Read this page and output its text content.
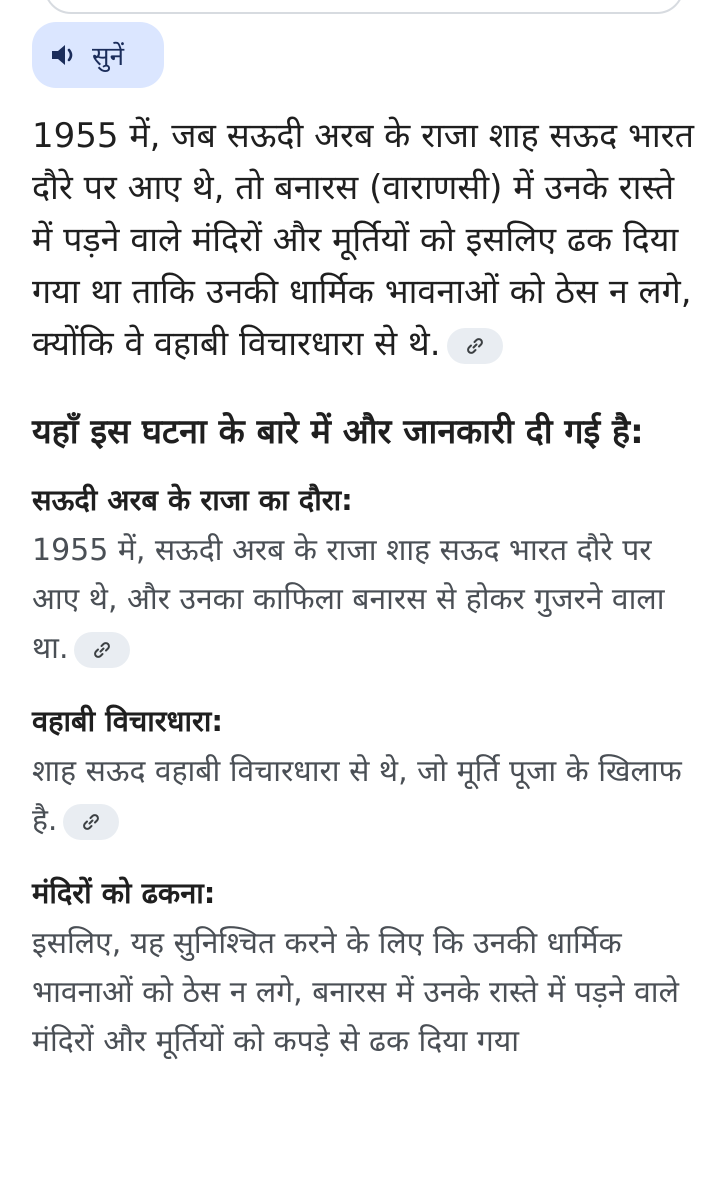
सुनें

1955 में, जब सऊदी अरब के राजा शाह सऊद भारत दौरे पर आए थे, तो बनारस (वाराणसी) में उनके रास्ते में पड़ने वाले मंदिरों और मूर्तियों को इसलिए ढक दिया गया था ताकि उनकी धार्मिक भावनाओं को ठेस न लगे, क्योंकि वे वहाबी विचारधारा से थे.

यहाँ इस घटना के बारे में और जानकारी दी गई है:
सऊदी अरब के राजा का दौरा:

1955 में, सऊदी अरब के राजा शाह सऊद भारत दौरे पर आए थे, और उनका काफिला बनारस से होकर गुजरने वाला था.

वहाबी विचारधारा:

शाह सऊद वहाबी विचारधारा से थे, जो मूर्ति पूजा के खिलाफ है.

मंदिरों को ढकना:

इसलिए, यह सुनिश्चित करने के लिए कि उनकी धार्मिक भावनाओं को ठेस न लगे, बनारस में उनके रास्ते में पड़ने वाले मंदिरों और मूर्तियों को कपड़े से ढक दिया गया
